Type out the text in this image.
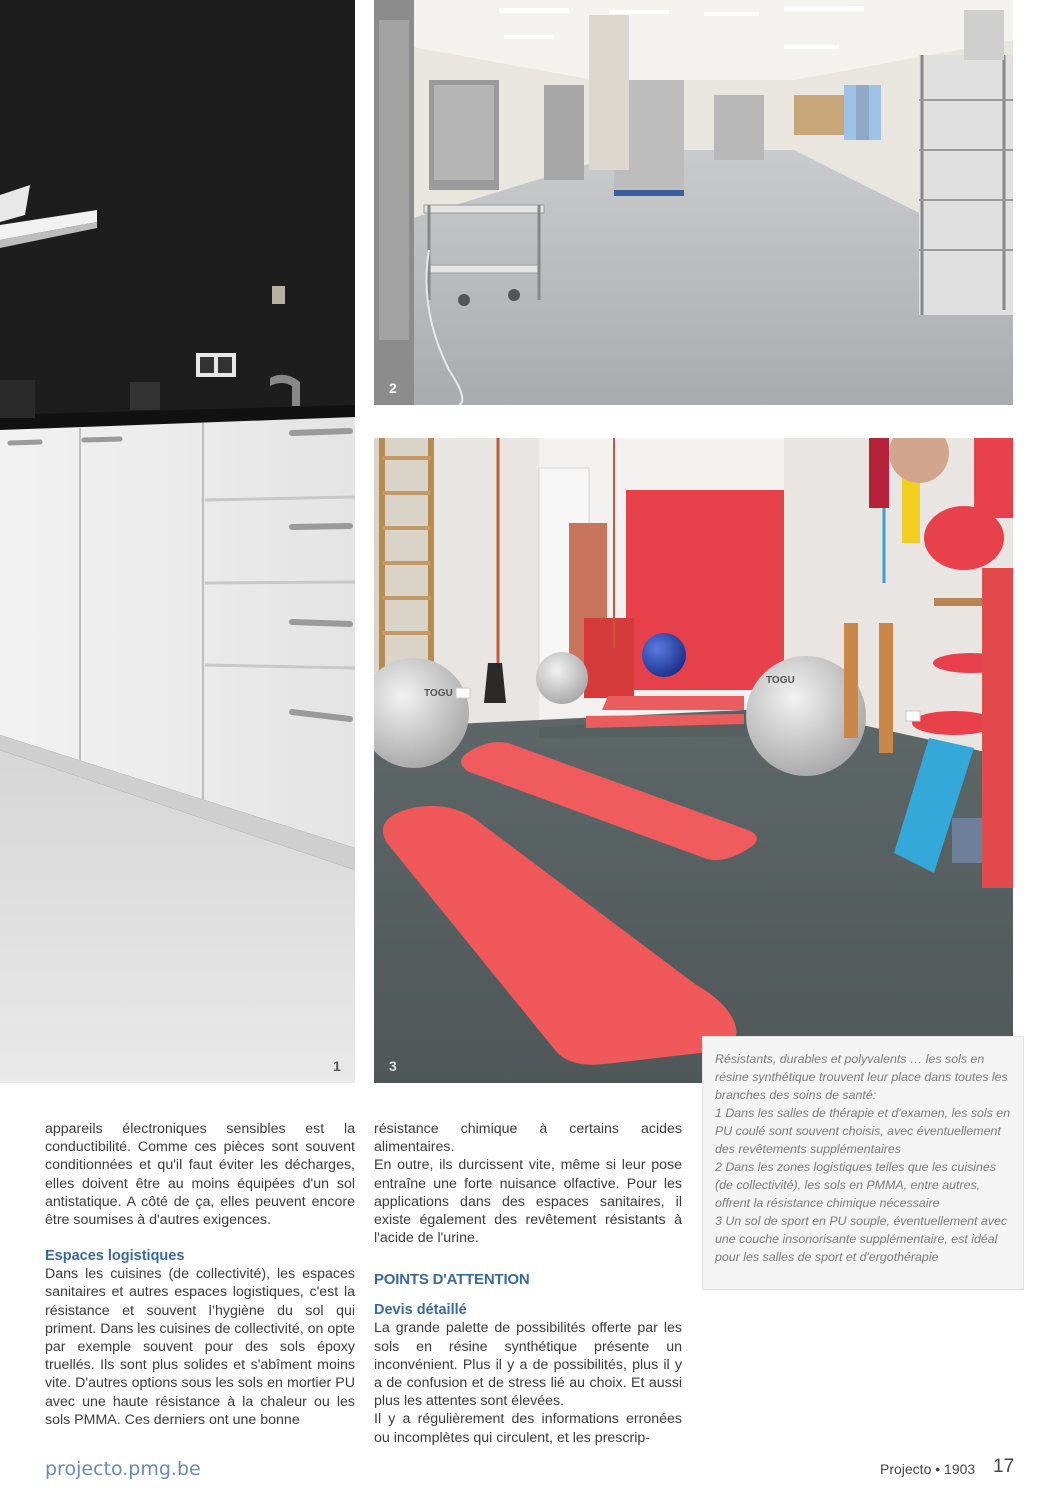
1
2
TOGU
TOGU
3

appareils électroniques sensibles est la conductibilité. Comme ces pièces sont souvent conditionnées et qu'il faut éviter les décharges, elles doivent être au moins équipées d'un sol antistatique. A côté de ça, elles peuvent encore être soumises à d'autres exigences.

Espaces logistiques

Dans les cuisines (de collectivité), les espaces sanitaires et autres espaces logistiques, c'est la résistance et souvent l’hygiène du sol qui priment. Dans les cuisines de collectivité, on opte par exemple souvent pour des sols époxy truellés. Ils sont plus solides et s'abîment moins vite. D'autres options sous les sols en mortier PU avec une haute résistance à la chaleur ou les sols PMMA. Ces derniers ont une bonne

résistance chimique à certains acides alimentaires.

En outre, ils durcissent vite, même si leur pose entraîne une forte nuisance olfactive. Pour les applications dans des espaces sanitaires, il existe également des revêtement résistants à l'acide de l'urine.

POINTS D'ATTENTION
Devis détaillé

La grande palette de possibilités offerte par les sols en résine synthétique présente un inconvénient. Plus il y a de possibilités, plus il y a de confusion et de stress lié au choix. Et aussi plus les attentes sont élevées.

Il y a régulièrement des informations erronées ou incomplètes qui circulent, et les prescrip-

Résistants, durables et polyvalents … les sols en résine synthétique trouvent leur place dans toutes les branches des soins de santé:

1 Dans les salles de thérapie et d'examen, les sols en PU coulé sont souvent choisis, avec éventuellement des revêtements supplémentaires

2 Dans les zones logistiques telles que les cuisines (de collectivité), les sols en PMMA, entre autres, offrent la résistance chimique nécessaire

3 Un sol de sport en PU souple, éventuellement avec une couche insonorisante supplémentaire, est idéal pour les salles de sport et d'ergothérapie

projecto.pmg.be	Projecto • 1903 17
